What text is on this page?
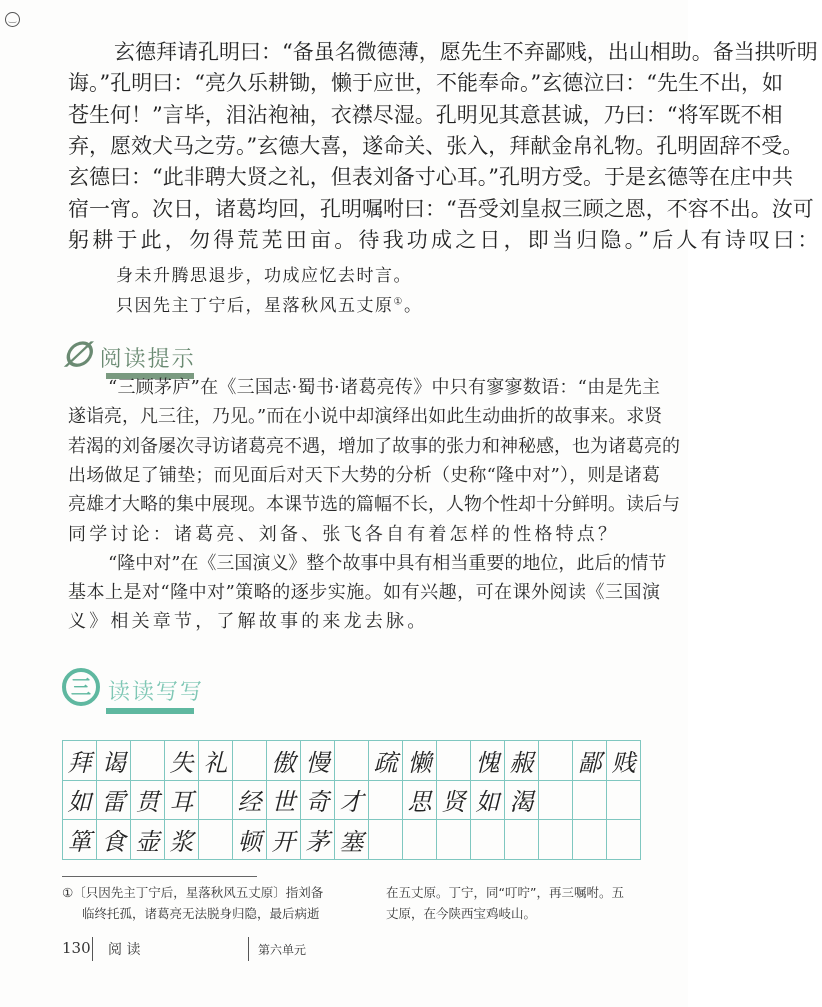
‿
玄德拜请孔明曰：“备虽名微德薄，愿先生不弃鄙贱，出山相助。备当拱听明
诲。”孔明曰：“亮久乐耕锄，懒于应世，不能奉命。”玄德泣曰：“先生不出，如
苍生何！”言毕，泪沾袍袖，衣襟尽湿。孔明见其意甚诚，乃曰：“将军既不相
弃，愿效犬马之劳。”玄德大喜，遂命关、张入，拜献金帛礼物。孔明固辞不受。
玄德曰：“此非聘大贤之礼，但表刘备寸心耳。”孔明方受。于是玄德等在庄中共
宿一宵。次日，诸葛均回，孔明嘱咐曰：“吾受刘皇叔三顾之恩，不容不出。汝可
躬耕于此，勿得荒芜田亩。待我功成之日，即当归隐。”后人有诗叹曰：
身未升腾思退步，功成应忆去时言。
只因先主丁宁后，星落秋风五丈原①。
∅ 阅读提示
“三顾茅庐”在《三国志·蜀书·诸葛亮传》中只有寥寥数语：“由是先主
遂诣亮，凡三往，乃见。”而在小说中却演绎出如此生动曲折的故事来。求贤
若渴的刘备屡次寻访诸葛亮不遇，增加了故事的张力和神秘感，也为诸葛亮的
出场做足了铺垫；而见面后对天下大势的分析（史称“隆中对”），则是诸葛
亮雄才大略的集中展现。本课节选的篇幅不长，人物个性却十分鲜明。读后与
同学讨论：诸葛亮、刘备、张飞各自有着怎样的性格特点？
“隆中对”在《三国演义》整个故事中具有相当重要的地位，此后的情节
基本上是对“隆中对”策略的逐步实施。如有兴趣，可在课外阅读《三国演
义》相关章节，了解故事的来龙去脉。
三 读读写写
拜 谒 失 礼 傲 慢 疏 懒 愧 赧 鄙 贱
如 雷 贯 耳 经 世 奇 才 思 贤 如 渴
箪 食 壶 浆 顿 开 茅 塞
①〔只因先主丁宁后，星落秋风五丈原〕指刘备
临终托孤，诸葛亮无法脱身归隐，最后病逝
在五丈原。丁宁，同“叮咛”，再三嘱咐。五
丈原，在今陕西宝鸡岐山。
130 阅 读	第六单元
